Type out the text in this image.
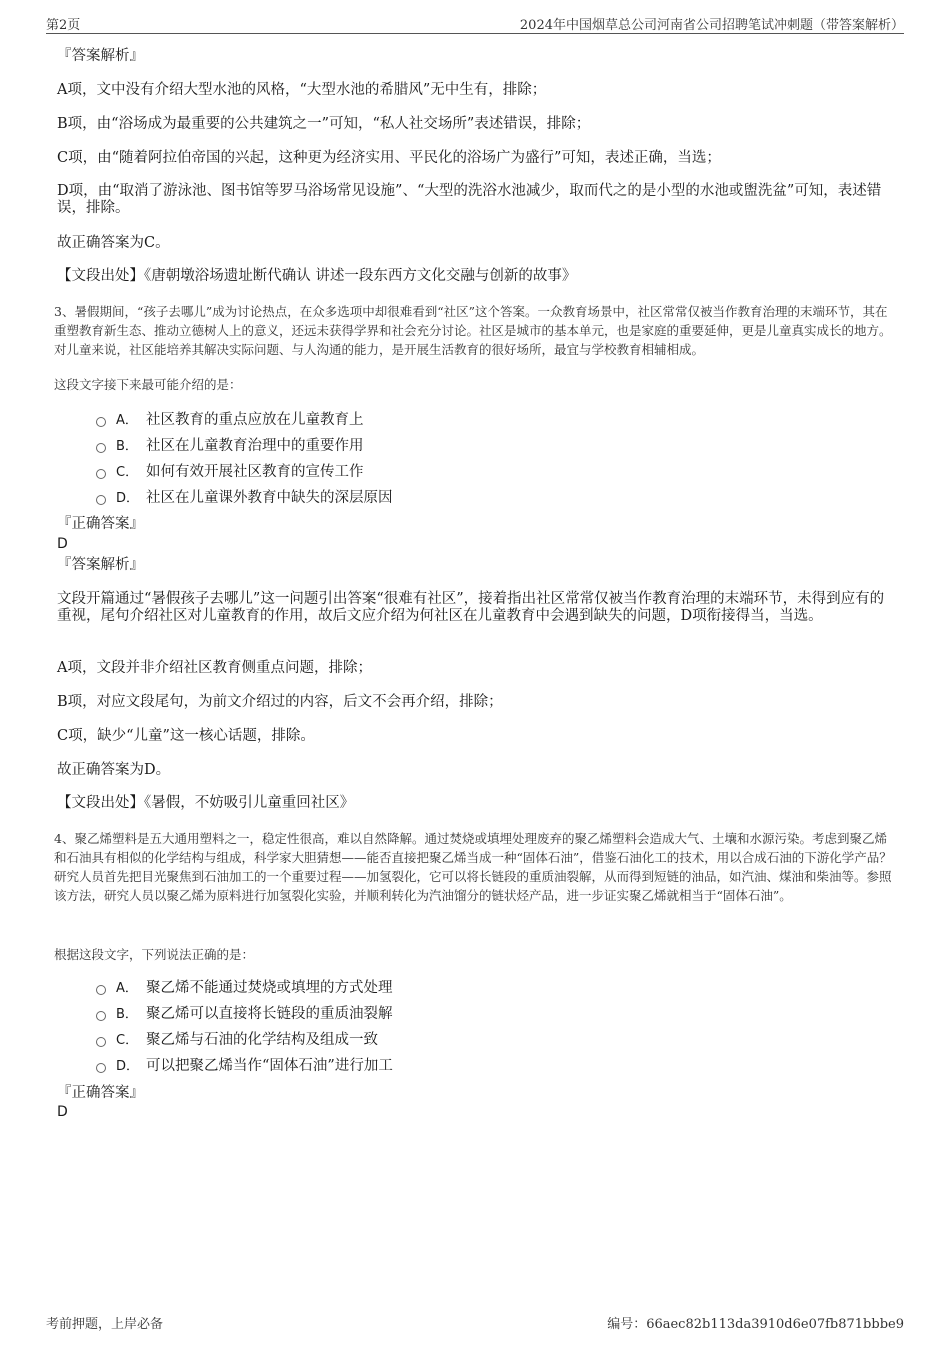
第2页	2024年中国烟草总公司河南省公司招聘笔试冲刺题（带答案解析）
『答案解析』
A项，文中没有介绍大型水池的风格，“大型水池的希腊风”无中生有，排除；
B项，由“浴场成为最重要的公共建筑之一”可知，“私人社交场所”表述错误，排除；
C项，由“随着阿拉伯帝国的兴起，这种更为经济实用、平民化的浴场广为盛行”可知，表述正确，当选；
D项，由“取消了游泳池、图书馆等罗马浴场常见设施”、“大型的洗浴水池减少，取而代之的是小型的水池或盥洗盆”可知，表述错误，排除。
故正确答案为C。
【文段出处】《唐朝墩浴场遗址断代确认 讲述一段东西方文化交融与创新的故事》
3、暑假期间，“孩子去哪儿”成为讨论热点，在众多选项中却很难看到“社区”这个答案。一众教育场景中，社区常常仅被当作教育治理的末端环节，其在重塑教育新生态、推动立德树人上的意义，还远未获得学界和社会充分讨论。社区是城市的基本单元，也是家庭的重要延伸，更是儿童真实成长的地方。对儿童来说，社区能培养其解决实际问题、与人沟通的能力，是开展生活教育的很好场所，最宜与学校教育相辅相成。
这段文字接下来最可能介绍的是：
A． 社区教育的重点应放在儿童教育上
B． 社区在儿童教育治理中的重要作用
C． 如何有效开展社区教育的宣传工作
D． 社区在儿童课外教育中缺失的深层原因
『正确答案』
D
『答案解析』
文段开篇通过“暑假孩子去哪儿”这一问题引出答案“很难有社区”，接着指出社区常常仅被当作教育治理的末端环节，未得到应有的重视，尾句介绍社区对儿童教育的作用，故后文应介绍为何社区在儿童教育中会遇到缺失的问题，D项衔接得当，当选。
A项，文段并非介绍社区教育侧重点问题，排除；
B项，对应文段尾句，为前文介绍过的内容，后文不会再介绍，排除；
C项，缺少“儿童”这一核心话题，排除。
故正确答案为D。
【文段出处】《暑假，不妨吸引儿童重回社区》
4、聚乙烯塑料是五大通用塑料之一，稳定性很高，难以自然降解。通过焚烧或填埋处理废弃的聚乙烯塑料会造成大气、土壤和水源污染。考虑到聚乙烯和石油具有相似的化学结构与组成，科学家大胆猜想——能否直接把聚乙烯当成一种“固体石油”，借鉴石油化工的技术，用以合成石油的下游化学产品？研究人员首先把目光聚焦到石油加工的一个重要过程——加氢裂化，它可以将长链段的重质油裂解，从而得到短链的油品，如汽油、煤油和柴油等。参照该方法，研究人员以聚乙烯为原料进行加氢裂化实验，并顺利转化为汽油馏分的链状烃产品，进一步证实聚乙烯就相当于“固体石油”。
根据这段文字，下列说法正确的是：
A． 聚乙烯不能通过焚烧或填埋的方式处理
B． 聚乙烯可以直接将长链段的重质油裂解
C． 聚乙烯与石油的化学结构及组成一致
D． 可以把聚乙烯当作“固体石油”进行加工
『正确答案』
D
考前押题，上岸必备	编号：66aec82b113da3910d6e07fb871bbbe9
